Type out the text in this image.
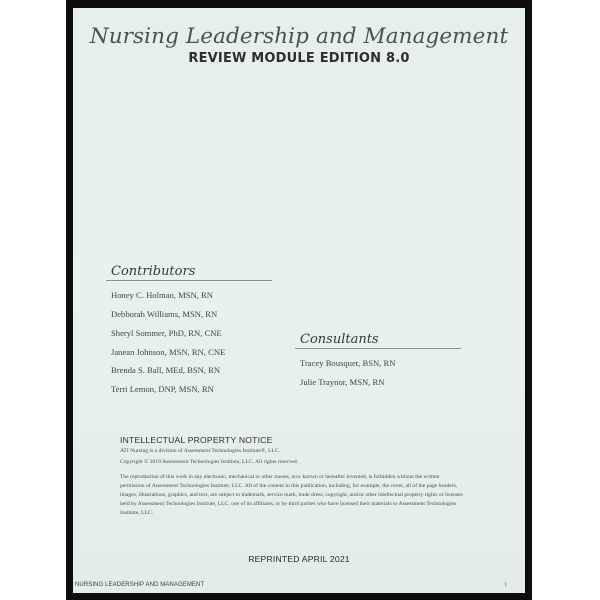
Nursing Leadership and Management
REVIEW MODULE EDITION 8.0
Contributors
Honey C. Holman, MSN, RN
Debborah Williams, MSN, RN
Sheryl Sommer, PhD, RN, CNE
Janean Johnson, MSN, RN, CNE
Brenda S. Ball, MEd, BSN, RN
Terri Lemon, DNP, MSN, RN
Consultants
Tracey Bousquet, BSN, RN
Julie Traynor, MSN, RN
INTELLECTUAL PROPERTY NOTICE
ATI Nursing is a division of Assessment Technologies Institute®, LLC.
Copyright © 2019 Assessment Technologies Institute, LLC. All rights reserved.
The reproduction of this work in any electronic, mechanical or other means, now known or hereafter invented, is forbidden without the written permission of Assessment Technologies Institute, LLC. All of the content in this publication, including, for example, the cover, all of the page headers, images, illustrations, graphics, and text, are subject to trademark, service mark, trade dress, copyright, and/or other intellectual property rights or licenses held by Assessment Technologies Institute, LLC, one of its affiliates, or by third parties who have licensed their materials to Assessment Technologies Institute, LLC.
REPRINTED APRIL 2021
NURSING LEADERSHIP AND MANAGEMENT	i
